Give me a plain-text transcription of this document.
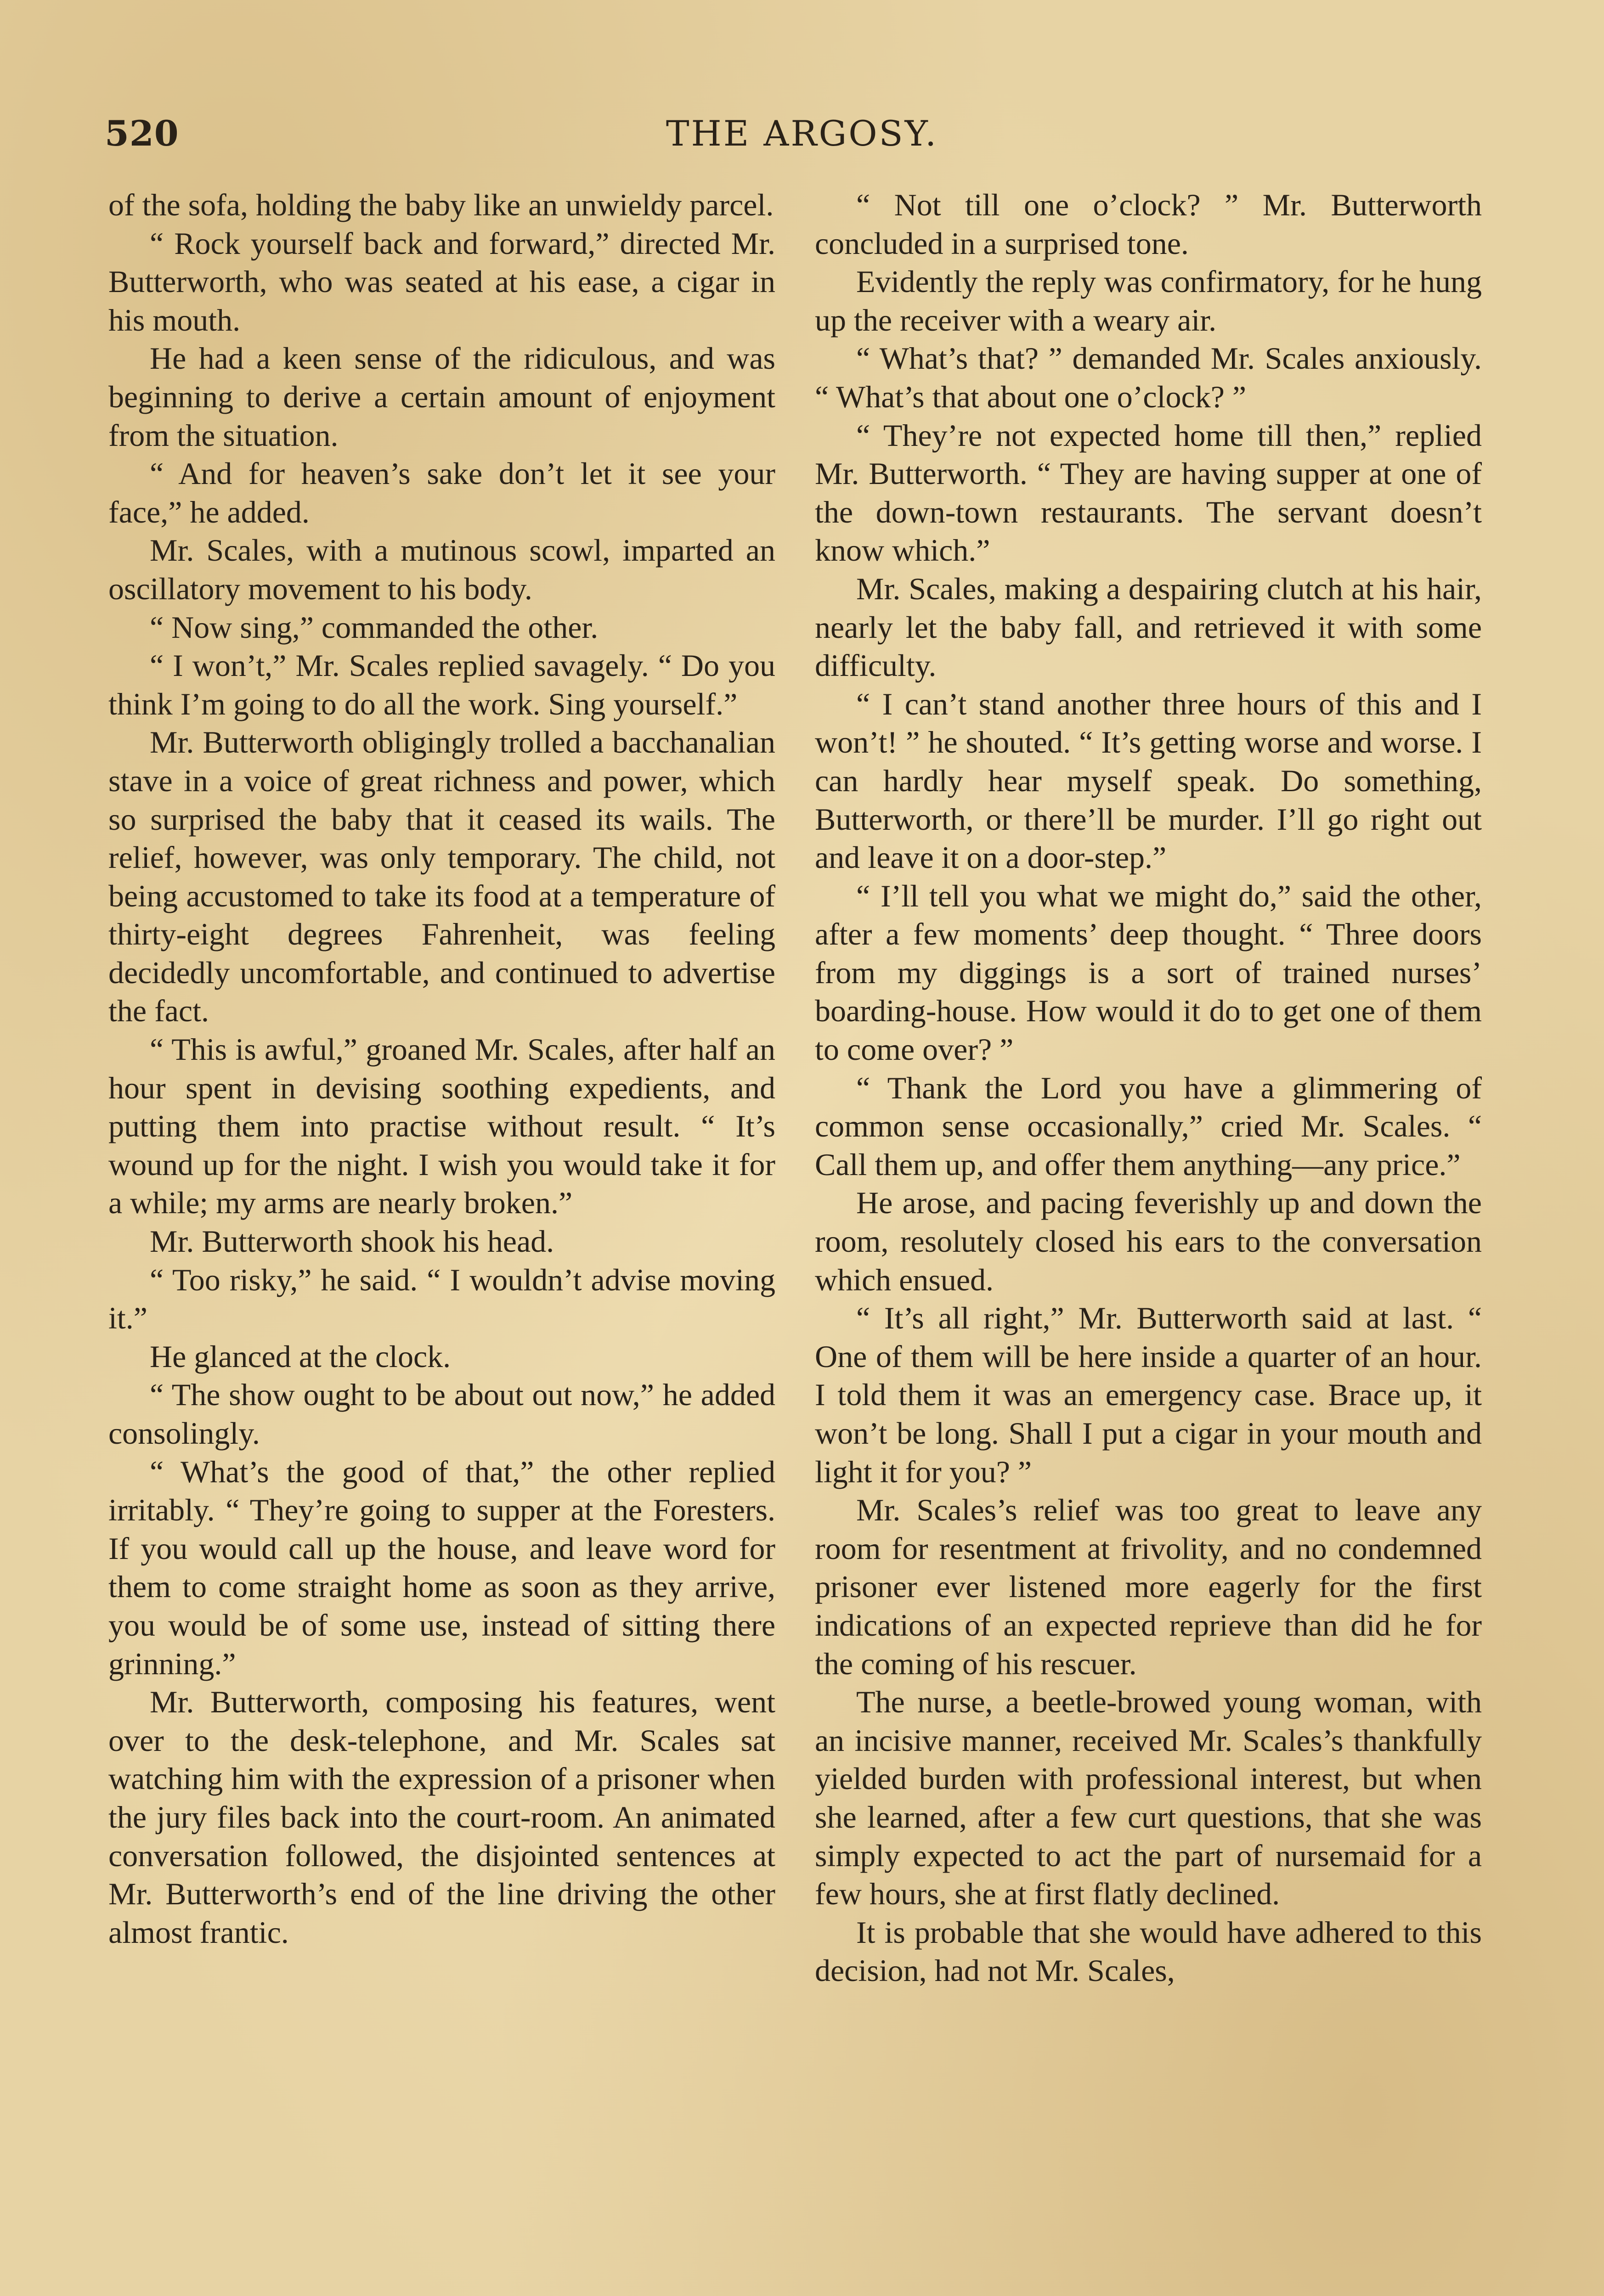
520	THE ARGOSY.

of the sofa, holding the baby like an unwieldy parcel.

“ Rock yourself back and forward,” directed Mr. Butterworth, who was seated at his ease, a cigar in his mouth.

He had a keen sense of the ridiculous, and was beginning to derive a certain amount of enjoyment from the situation.

“ And for heaven’s sake don’t let it see your face,” he added.

Mr. Scales, with a mutinous scowl, imparted an oscillatory movement to his body.

“ Now sing,” commanded the other.

“ I won’t,” Mr. Scales replied savagely. “ Do you think I’m going to do all the work. Sing yourself.”

Mr. Butterworth obligingly trolled a bacchanalian stave in a voice of great richness and power, which so surprised the baby that it ceased its wails. The relief, however, was only temporary. The child, not being accustomed to take its food at a temperature of thirty-eight degrees Fahrenheit, was feeling decidedly uncomfortable, and continued to advertise the fact.

“ This is awful,” groaned Mr. Scales, after half an hour spent in devising soothing expedients, and putting them into practise without result. “ It’s wound up for the night. I wish you would take it for a while; my arms are nearly broken.”

Mr. Butterworth shook his head.

“ Too risky,” he said. “ I wouldn’t advise moving it.”

He glanced at the clock.

“ The show ought to be about out now,” he added consolingly.

“ What’s the good of that,” the other replied irritably. “ They’re going to supper at the Foresters. If you would call up the house, and leave word for them to come straight home as soon as they arrive, you would be of some use, instead of sitting there grinning.”

Mr. Butterworth, composing his features, went over to the desk-telephone, and Mr. Scales sat watching him with the expression of a prisoner when the jury files back into the court-room. An animated conversation followed, the disjointed sentences at Mr. Butterworth’s end of the line driving the other almost frantic.

“ Not till one o’clock? ” Mr. Butterworth concluded in a surprised tone.

Evidently the reply was confirmatory, for he hung up the receiver with a weary air.

“ What’s that? ” demanded Mr. Scales anxiously. “ What’s that about one o’clock? ”

“ They’re not expected home till then,” replied Mr. Butterworth. “ They are having supper at one of the down-town restaurants. The servant doesn’t know which.”

Mr. Scales, making a despairing clutch at his hair, nearly let the baby fall, and retrieved it with some difficulty.

“ I can’t stand another three hours of this and I won’t! ” he shouted. “ It’s getting worse and worse. I can hardly hear myself speak. Do something, Butterworth, or there’ll be murder. I’ll go right out and leave it on a door-step.”

“ I’ll tell you what we might do,” said the other, after a few moments’ deep thought. “ Three doors from my diggings is a sort of trained nurses’ boarding-house. How would it do to get one of them to come over? ”

“ Thank the Lord you have a glimmering of common sense occasionally,” cried Mr. Scales. “ Call them up, and offer them anything—any price.”

He arose, and pacing feverishly up and down the room, resolutely closed his ears to the conversation which ensued.

“ It’s all right,” Mr. Butterworth said at last. “ One of them will be here inside a quarter of an hour. I told them it was an emergency case. Brace up, it won’t be long. Shall I put a cigar in your mouth and light it for you? ”

Mr. Scales’s relief was too great to leave any room for resentment at frivolity, and no condemned prisoner ever listened more eagerly for the first indications of an expected reprieve than did he for the coming of his rescuer.

The nurse, a beetle-browed young woman, with an incisive manner, received Mr. Scales’s thankfully yielded burden with professional interest, but when she learned, after a few curt questions, that she was simply expected to act the part of nursemaid for a few hours, she at first flatly declined.

It is probable that she would have adhered to this decision, had not Mr. Scales,
